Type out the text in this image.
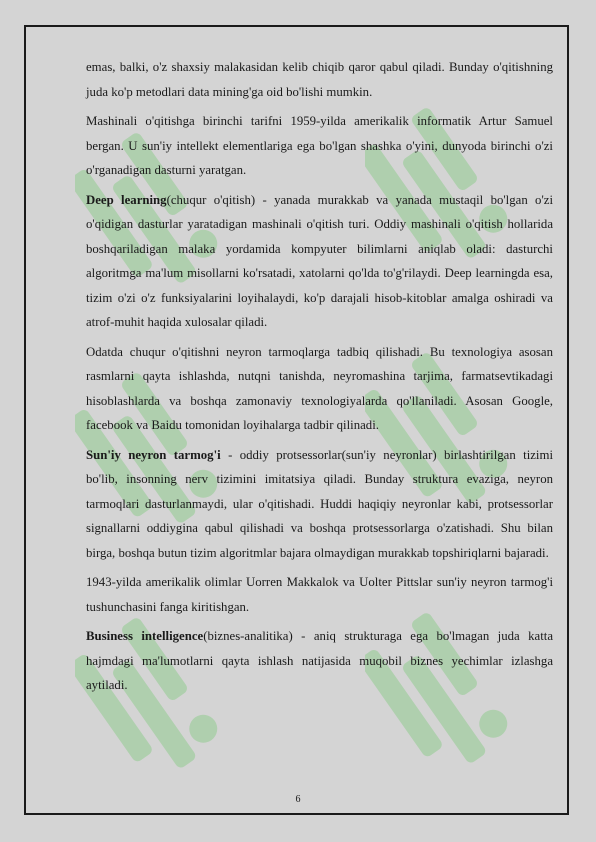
emas, balki, o'z shaxsiy malakasidan kelib chiqib qaror qabul qiladi. Bunday o'qitishning juda ko'p metodlari data mining'ga oid bo'lishi mumkin.

Mashinali o'qitishga birinchi tarifni 1959-yilda amerikalik informatik Artur Samuel bergan. U sun'iy intellekt elementlariga ega bo'lgan shashka o'yini, dunyoda birinchi o'zi o'rganadigan dasturni yaratgan.

Deep learning(chuqur o'qitish) - yanada murakkab va yanada mustaqil bo'lgan o'zi o'qidigan dasturlar yaratadigan mashinali o'qitish turi. Oddiy mashinali o'qitish hollarida boshqariladigan malaka yordamida kompyuter bilimlarni aniqlab oladi: dasturchi algoritmga ma'lum misollarni ko'rsatadi, xatolarni qo'lda to'g'rilaydi. Deep learningda esa, tizim o'zi o'z funksiyalarini loyihalaydi, ko'p darajali hisob-kitoblar amalga oshiradi va atrof-muhit haqida xulosalar qiladi.

Odatda chuqur o'qitishni neyron tarmoqlarga tadbiq qilishadi. Bu texnologiya asosan rasmlarni qayta ishlashda, nutqni tanishda, neyromashina tarjima, farmatsevtikadagi hisoblashlarda va boshqa zamonaviy texnologiyalarda qo'llaniladi. Asosan Google, facebook va Baidu tomonidan loyihalarga tadbir qilinadi.

Sun'iy neyron tarmog'i - oddiy protsessorlar(sun'iy neyronlar) birlashtirilgan tizimi bo'lib, insonning nerv tizimini imitatsiya qiladi. Bunday struktura evaziga, neyron tarmoqlari dasturlanmaydi, ular o'qitishadi. Huddi haqiqiy neyronlar kabi, protsessorlar signallarni oddiygina qabul qilishadi va boshqa protsessorlarga o'zatishadi. Shu bilan birga, boshqa butun tizim algoritmlar bajara olmaydigan murakkab topshiriqlarni bajaradi.

1943-yilda amerikalik olimlar Uorren Makkalok va Uolter Pittslar sun'iy neyron tarmog'i tushunchasini fanga kiritishgan.

Business intelligence(biznes-analitika) - aniq strukturaga ega bo'lmagan juda katta hajmdagi ma'lumotlarni qayta ishlash natijasida muqobil biznes yechimlar izlashga aytiladi.

6
